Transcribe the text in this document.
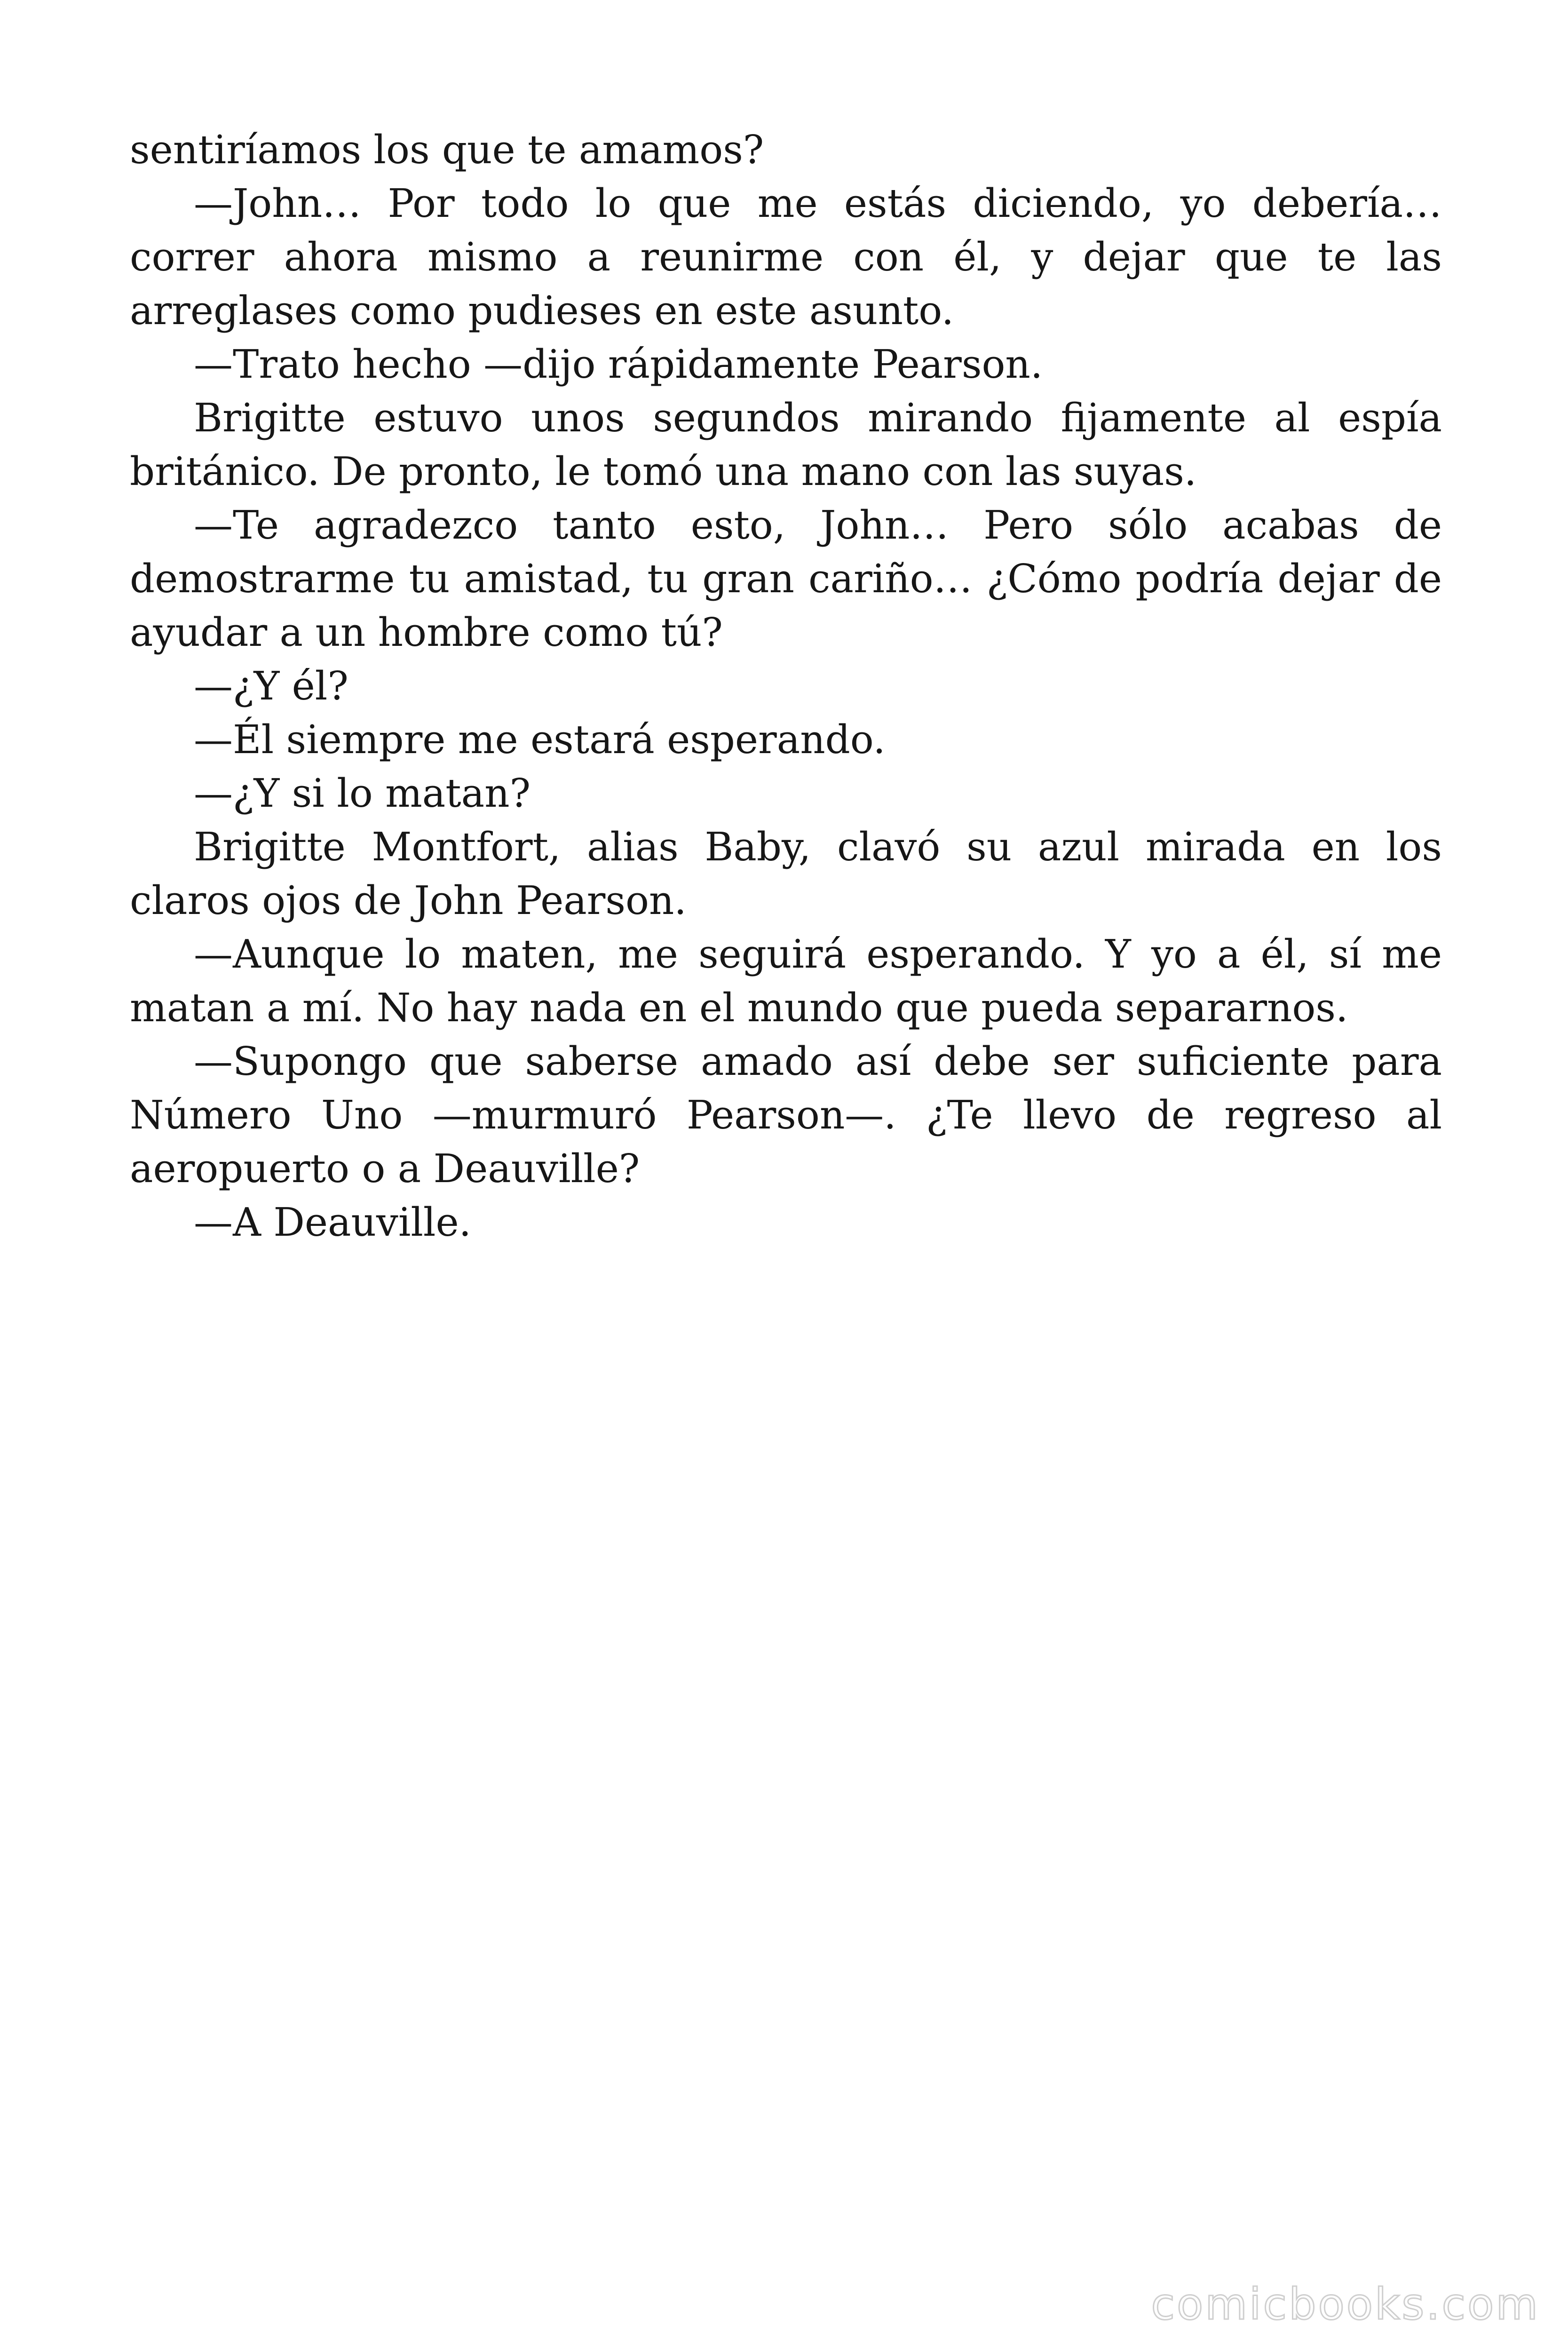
sentiríamos los que te amamos?

—John… Por todo lo que me estás diciendo, yo debería… correr ahora mismo a reunirme con él, y dejar que te las arreglases como pudieses en este asunto.

—Trato hecho —dijo rápidamente Pearson.

Brigitte estuvo unos segundos mirando fijamente al espía británico. De pronto, le tomó una mano con las suyas.

—Te agradezco tanto esto, John… Pero sólo acabas de demostrarme tu amistad, tu gran cariño… ¿Cómo podría dejar de ayudar a un hombre como tú?

—¿Y él?

—Él siempre me estará esperando.

—¿Y si lo matan?

Brigitte Montfort, alias Baby, clavó su azul mirada en los claros ojos de John Pearson.

—Aunque lo maten, me seguirá esperando. Y yo a él, sí me matan a mí. No hay nada en el mundo que pueda separarnos.

—Supongo que saberse amado así debe ser suficiente para Número Uno —murmuró Pearson—. ¿Te llevo de regreso al aeropuerto o a Deauville?

—A Deauville.

comicbooks.com
